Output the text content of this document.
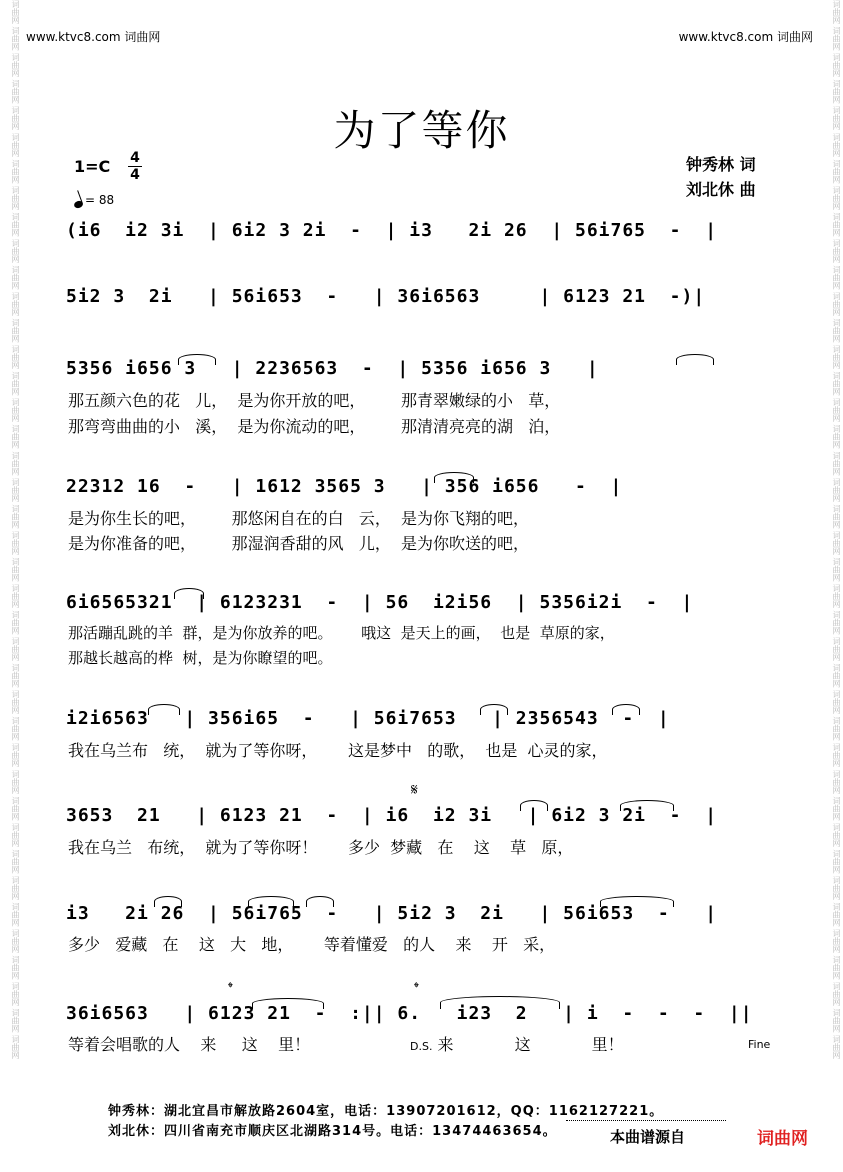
词曲网 词曲网 词曲网 词曲网 词曲网 词曲网 词曲网 词曲网 词曲网 词曲网 词曲网 词曲网 词曲网 词曲网 词曲网 词曲网 词曲网 词曲网 词曲网 词曲网 词曲网 词曲网 词曲网 词曲网 词曲网 词曲网 词曲网 词曲网 词曲网 词曲网 词曲网 词曲网 词曲网 词曲网 词曲网 词曲网 词曲网 词曲网 词曲网 词曲网	词曲网 词曲网 词曲网 词曲网 词曲网 词曲网 词曲网 词曲网 词曲网 词曲网 词曲网 词曲网 词曲网 词曲网 词曲网 词曲网 词曲网 词曲网 词曲网 词曲网 词曲网 词曲网 词曲网 词曲网 词曲网 词曲网 词曲网 词曲网 词曲网 词曲网 词曲网 词曲网 词曲网 词曲网 词曲网 词曲网 词曲网 词曲网 词曲网 词曲网
www.ktvc8.com 词曲网	www.ktvc8.com 词曲网
为了等你
1=C 4
4
= 88
钟秀林 词
刘北休 曲
(i6  i2 3i  | 6i2 3 2i  -  | i3   2i 26  | 56i765  -  |
5i2 3  2i   | 56i653  -   | 36i6563     | 6123 21  -)|
5356 i656 3   | 2236563  -  | 5356 i656 3   |
那五颜六色的花   儿，  是为你开放的吧，       那青翠嫩绿的小   草，
那弯弯曲曲的小   溪，  是为你流动的吧，       那清清亮亮的湖   泊，
22312 16  -   | 1612 3565 3   | 356 i656   -  |
是为你生长的吧，       那悠闲自在的白   云，  是为你飞翔的吧，
是为你准备的吧，       那湿润香甜的风   儿，  是为你吹送的吧，
6i6565321  | 6123231  -  | 56  i2i56  | 5356i2i  -  |
那活蹦乱跳的羊  群，是为你放养的吧。      哦这  是天上的画，  也是  草原的家，
那越长越高的桦  树，是为你瞭望的吧。
i2i6563   | 356i65  -   | 56i7653   | 2356543  -  |
我在乌兰布   统，  就为了等你呀，      这是梦中   的歌，  也是  心灵的家，
𝄋
3653  21   | 6123 21  -  | i6  i2 3i   | 6i2 3 2i  -  |
我在乌兰   布统，  就为了等你呀！      多少  梦藏   在    这    草   原，
i3   2i 26  | 56i765  -   | 5i2 3  2i   | 56i653  -   |
多少   爱藏   在    这   大   地，      等着懂爱   的人    来    开   采，
𝄌	𝄌
36i6563   | 6123 21  -  :|| 6.   i23  2   | i  -  -  -  ||
等着会唱歌的人    来     这    里！	D.S. 来            这            里！	Fine
钟秀林：湖北宜昌市解放路2604室，电话：13907201612，QQ：1162127221。
刘北休：四川省南充市顺庆区北湖路314号。电话：13474463654。	本曲谱源自	词曲网
